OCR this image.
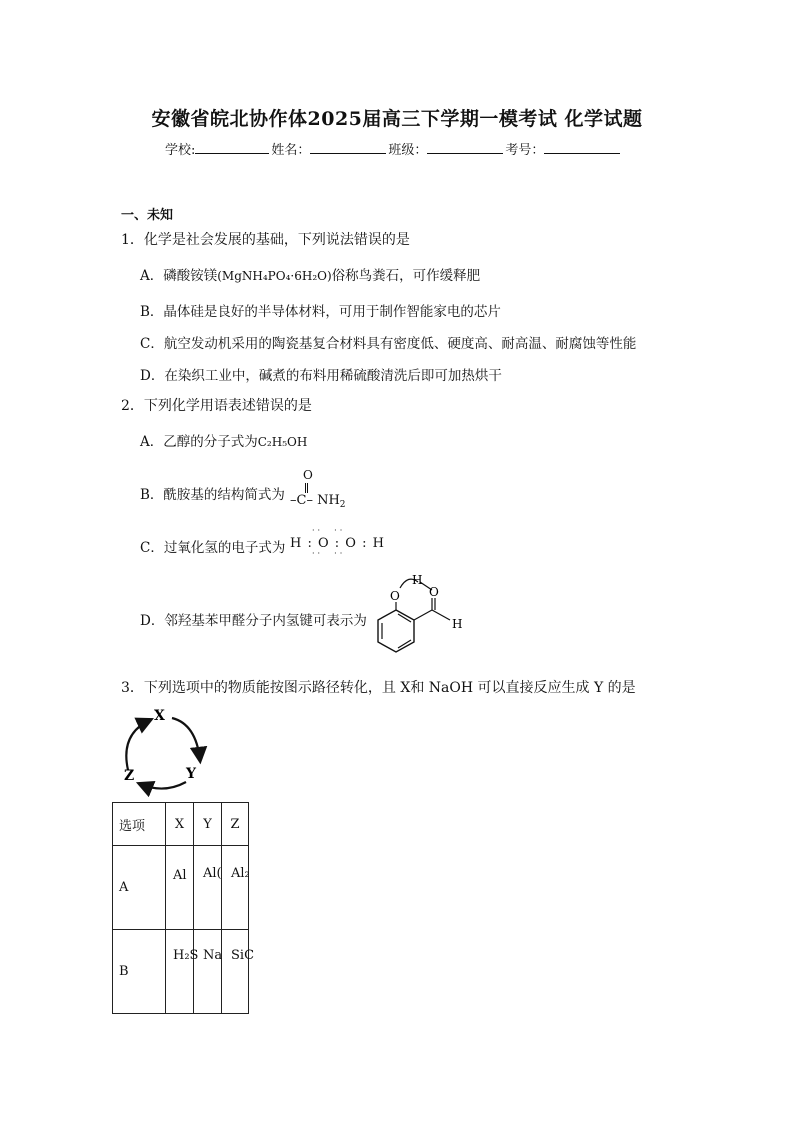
安徽省皖北协作体2025届高三下学期一模考试 化学试题
学校:	姓名：	班级：	考号：
一、未知
1．化学是社会发展的基础，下列说法错误的是
A．磷酸铵镁(MgNH₄PO₄·6H₂O)俗称鸟粪石，可作缓释肥
B．晶体硅是良好的半导体材料，可用于制作智能家电的芯片
C．航空发动机采用的陶瓷基复合材料具有密度低、硬度高、耐高温、耐腐蚀等性能
D．在染织工业中，碱煮的布料用稀硫酸清洗后即可加热烘干
2．下列化学用语表述错误的是
A．乙醇的分子式为C₂H₅OH
B．酰胺基的结构简式为
O
–C– $NH_2$
C．过氧化氢的电子式为 H : O : O : H
··  ··
··  ··
D．邻羟基苯甲醛分子内氢键可表示为
H
O O
H
3．下列选项中的物质能按图示路径转化，且 X和 NaOH 可以直接反应生成 Y 的是
X
Y
Z
选项	X	Y	Z
A	Al	Al(	Al₂

B	H₂S	Na	SiC
